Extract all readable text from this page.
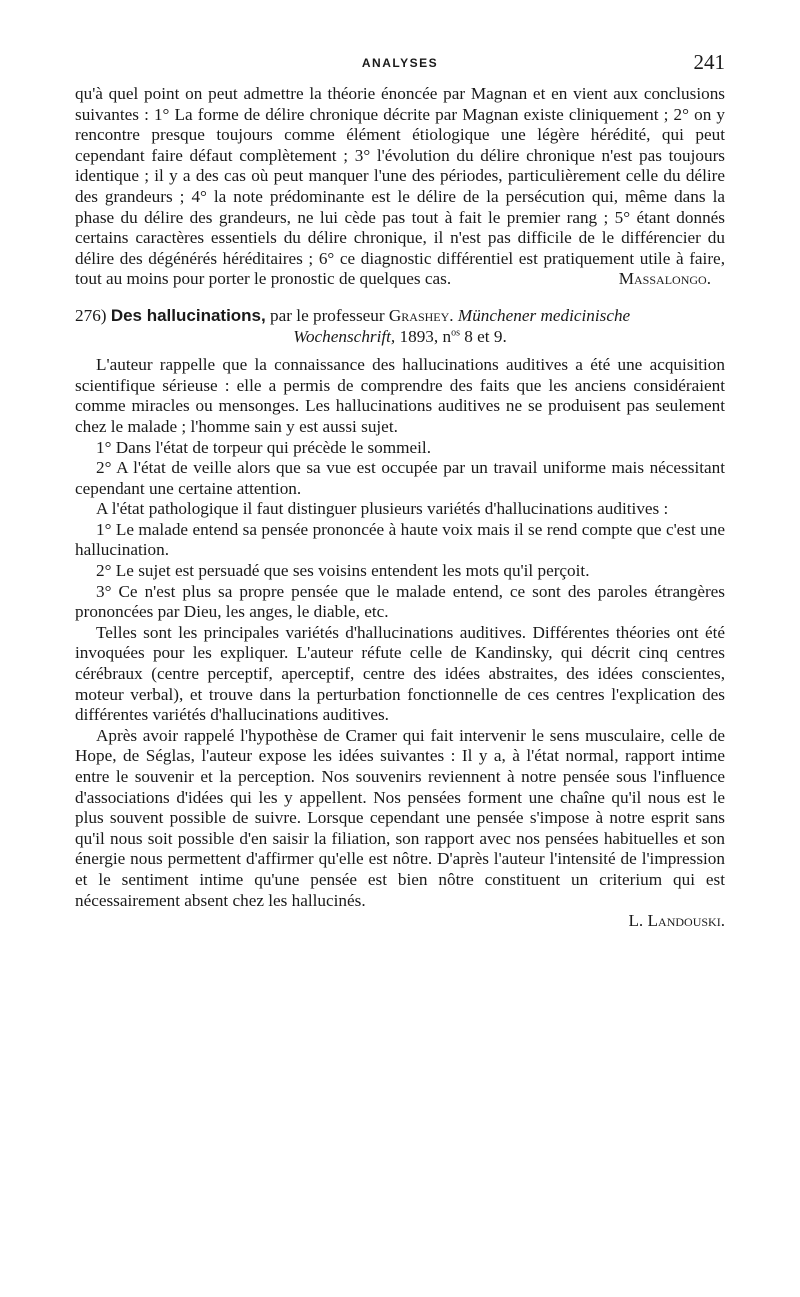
ANALYSES	241

qu'à quel point on peut admettre la théorie énoncée par Magnan et en vient aux conclusions suivantes : 1° La forme de délire chronique décrite par Magnan existe cliniquement ; 2° on y rencontre presque toujours comme élément étiologique une légère hérédité, qui peut cependant faire défaut complètement ; 3° l'évolution du délire chronique n'est pas toujours identique ; il y a des cas où peut manquer l'une des périodes, particulièrement celle du délire des grandeurs ; 4° la note prédominante est le délire de la persécution qui, même dans la phase du délire des grandeurs, ne lui cède pas tout à fait le premier rang ; 5° étant donnés certains caractères essentiels du délire chronique, il n'est pas difficile de le différencier du délire des dégénérés héréditaires ; 6° ce diagnostic différentiel est pratiquement utile à faire, tout au moins pour porter le pronostic de quelques cas.	Massalongo.

276) Des hallucinations, par le professeur Grashey. Münchener medicinische

Wochenschrift, 1893, $n^{os}$ 8 et 9.

L'auteur rappelle que la connaissance des hallucinations auditives a été une acquisition scientifique sérieuse : elle a permis de comprendre des faits que les anciens considéraient comme miracles ou mensonges. Les hallucinations auditives ne se produisent pas seulement chez le malade ; l'homme sain y est aussi sujet.

1° Dans l'état de torpeur qui précède le sommeil.

2° A l'état de veille alors que sa vue est occupée par un travail uniforme mais nécessitant cependant une certaine attention.

A l'état pathologique il faut distinguer plusieurs variétés d'hallucinations auditives :

1° Le malade entend sa pensée prononcée à haute voix mais il se rend compte que c'est une hallucination.

2° Le sujet est persuadé que ses voisins entendent les mots qu'il perçoit.

3° Ce n'est plus sa propre pensée que le malade entend, ce sont des paroles étrangères prononcées par Dieu, les anges, le diable, etc.

Telles sont les principales variétés d'hallucinations auditives. Différentes théories ont été invoquées pour les expliquer. L'auteur réfute celle de Kandinsky, qui décrit cinq centres cérébraux (centre perceptif, aperceptif, centre des idées abstraites, des idées conscientes, moteur verbal), et trouve dans la perturbation fonctionnelle de ces centres l'explication des différentes variétés d'hallucinations auditives.

Après avoir rappelé l'hypothèse de Cramer qui fait intervenir le sens musculaire, celle de Hope, de Séglas, l'auteur expose les idées suivantes : Il y a, à l'état normal, rapport intime entre le souvenir et la perception. Nos souvenirs reviennent à notre pensée sous l'influence d'associations d'idées qui les y appellent. Nos pensées forment une chaîne qu'il nous est le plus souvent possible de suivre. Lorsque cependant une pensée s'impose à notre esprit sans qu'il nous soit possible d'en saisir la filiation, son rapport avec nos pensées habituelles et son énergie nous permettent d'affirmer qu'elle est nôtre. D'après l'auteur l'intensité de l'impression et le sentiment intime qu'une pensée est bien nôtre constituent un criterium qui est nécessairement absent chez les hallucinés.

L. Landouski.
